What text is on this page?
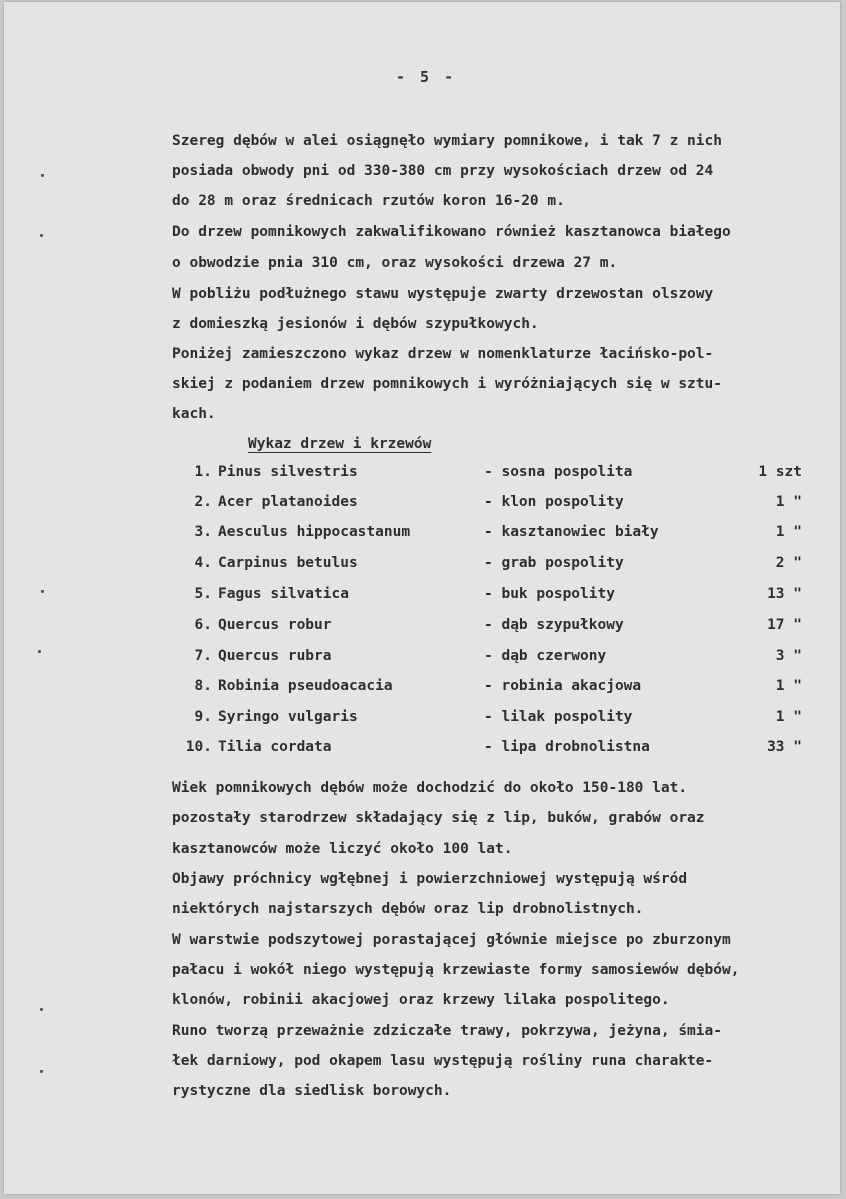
- 5 -
Szereg dębów w alei osiągnęło wymiary pomnikowe, i tak 7 z nich
posiada obwody pni od 330-380 cm przy wysokościach drzew od 24
do 28 m oraz średnicach rzutów koron 16-20 m.
Do drzew pomnikowych zakwalifikowano również kasztanowca białego
o obwodzie pnia 310 cm, oraz wysokości drzewa 27 m.
W pobliżu podłużnego stawu występuje zwarty drzewostan olszowy
z domieszką jesionów i dębów szypułkowych.
Poniżej zamieszczono wykaz drzew w nomenklaturze łacińsko-pol-
skiej z podaniem drzew pomnikowych i wyróżniających się w sztu-
kach.
Wykaz drzew i krzewów
1. Pinus silvestris	- sosna pospolita	1 szt
2. Acer platanoides	- klon pospolity	1 "
3. Aesculus hippocastanum	- kasztanowiec biały	1 "
4. Carpinus betulus	- grab pospolity	2 "
5. Fagus silvatica	- buk pospolity	13 "
6. Quercus robur	- dąb szypułkowy	17 "
7. Quercus rubra	- dąb czerwony	3 "
8. Robinia pseudoacacia	- robinia akacjowa	1 "
9. Syringo vulgaris	- lilak pospolity	1 "
10. Tilia cordata	- lipa drobnolistna	33 "
Wiek pomnikowych dębów może dochodzić do około 150-180 lat.
pozostały starodrzew składający się z lip, buków, grabów oraz
kasztanowców może liczyć około 100 lat.
Objawy próchnicy wgłębnej i powierzchniowej występują wśród
niektórych najstarszych dębów oraz lip drobnolistnych.
W warstwie podszytowej porastającej głównie miejsce po zburzonym
pałacu i wokół niego występują krzewiaste formy samosiewów dębów,
klonów, robinii akacjowej oraz krzewy lilaka pospolitego.
Runo tworzą przeważnie zdziczałe trawy, pokrzywa, jeżyna, śmia-
łek darniowy, pod okapem lasu występują rośliny runa charakte-
rystyczne dla siedlisk borowych.
